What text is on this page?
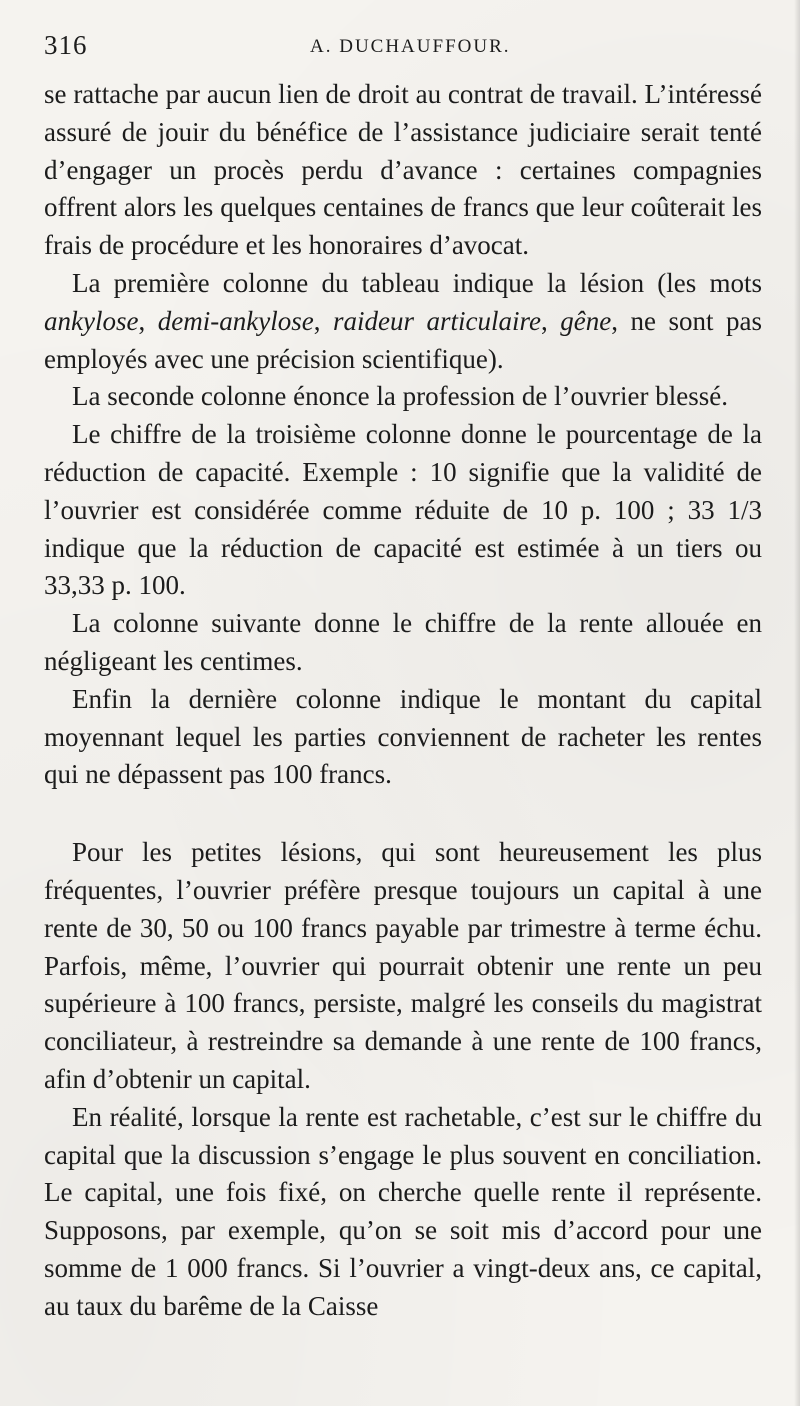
316	A. DUCHAUFFOUR.

se rattache par aucun lien de droit au contrat de travail. L’intéressé assuré de jouir du bénéfice de l’assistance judiciaire serait tenté d’engager un procès perdu d’avance : certaines compagnies offrent alors les quelques centaines de francs que leur coûterait les frais de procédure et les honoraires d’avocat.

La première colonne du tableau indique la lésion (les mots ankylose, demi-ankylose, raideur articulaire, gêne, ne sont pas employés avec une précision scientifique).

La seconde colonne énonce la profession de l’ouvrier blessé.

Le chiffre de la troisième colonne donne le pourcentage de la réduction de capacité. Exemple : 10 signifie que la validité de l’ouvrier est considérée comme réduite de 10 p. 100 ; 33 1/3 indique que la réduction de capacité est estimée à un tiers ou 33,33 p. 100.

La colonne suivante donne le chiffre de la rente allouée en négligeant les centimes.

Enfin la dernière colonne indique le montant du capital moyennant lequel les parties conviennent de racheter les rentes qui ne dépassent pas 100 francs.

Pour les petites lésions, qui sont heureusement les plus fréquentes, l’ouvrier préfère presque toujours un capital à une rente de 30, 50 ou 100 francs payable par trimestre à terme échu. Parfois, même, l’ouvrier qui pourrait obtenir une rente un peu supérieure à 100 francs, persiste, malgré les conseils du magistrat conciliateur, à restreindre sa demande à une rente de 100 francs, afin d’obtenir un capital.

En réalité, lorsque la rente est rachetable, c’est sur le chiffre du capital que la discussion s’engage le plus souvent en conciliation. Le capital, une fois fixé, on cherche quelle rente il représente. Supposons, par exemple, qu’on se soit mis d’accord pour une somme de 1 000 francs. Si l’ouvrier a vingt-deux ans, ce capital, au taux du barême de la Caisse
